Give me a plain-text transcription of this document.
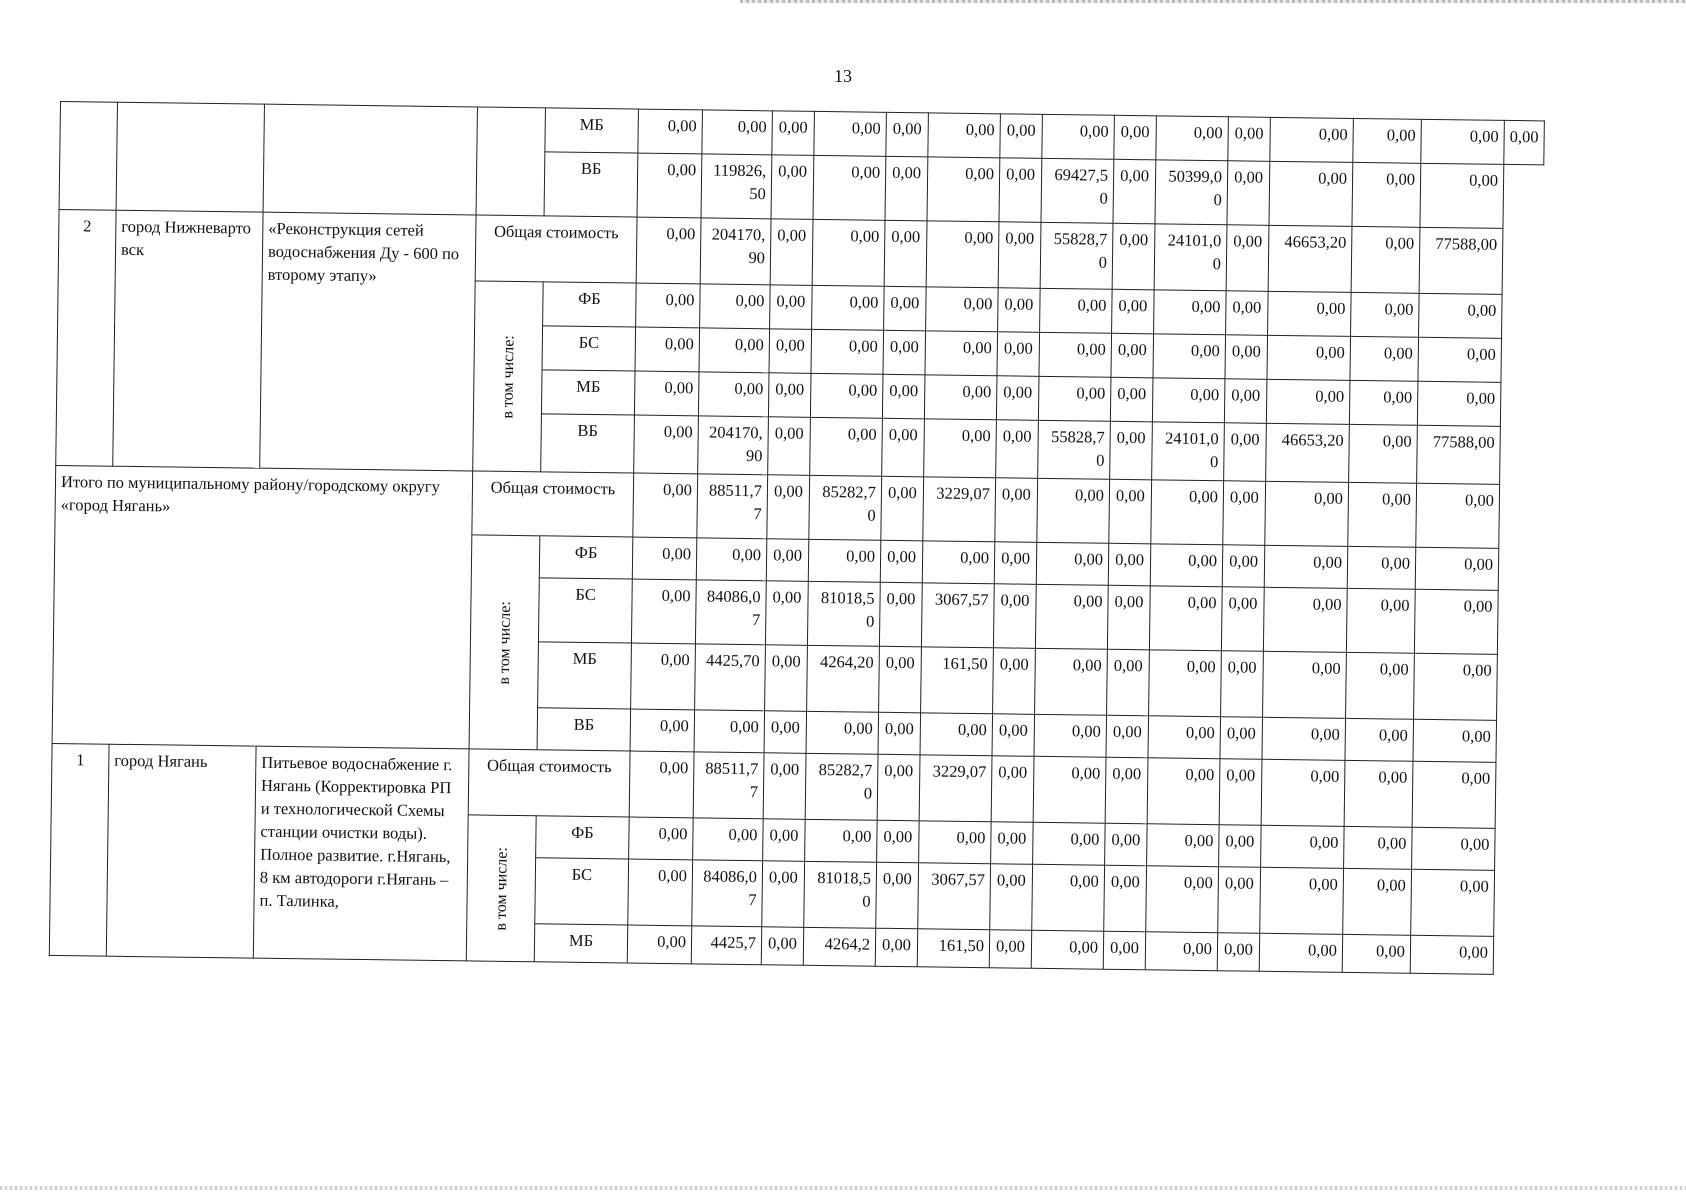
13
				МБ	0,00	0,00	0,00	0,00	0,00	0,00	0,00	0,00	0,00	0,00	0,00	0,00	0,00	0,00	0,00
				ВБ	0,00	119826,50	0,00	0,00	0,00	0,00	0,00	69427,50	0,00	50399,00	0,00	0,00	0,00	0,00	
2	город Нижневартовск	«Реконструкция сетей водоснабжения Ду - 600 по второму этапу»	Общая стоимость		0,00	204170,90	0,00	0,00	0,00	0,00	0,00	55828,70	0,00	24101,00	0,00	46653,20	0,00	77588,00	

			в том числе:	ФБ	0,00	0,00	0,00	0,00	0,00	0,00	0,00	0,00	0,00	0,00	0,00	0,00	0,00	0,00	
				БС	0,00	0,00	0,00	0,00	0,00	0,00	0,00	0,00	0,00	0,00	0,00	0,00	0,00	0,00	
				МБ	0,00	0,00	0,00	0,00	0,00	0,00	0,00	0,00	0,00	0,00	0,00	0,00	0,00	0,00	
				ВБ	0,00	204170,90	0,00	0,00	0,00	0,00	0,00	55828,70	0,00	24101,00	0,00	46653,20	0,00	77588,00	
Итого по муниципальному району/городскому округу «город Нягань»			Общая стоимость		0,00	88511,77	0,00	85282,70	0,00	3229,07	0,00	0,00	0,00	0,00	0,00	0,00	0,00	0,00	

			в том числе:	ФБ	0,00	0,00	0,00	0,00	0,00	0,00	0,00	0,00	0,00	0,00	0,00	0,00	0,00	0,00	
				БС	0,00	84086,07	0,00	81018,50	0,00	3067,57	0,00	0,00	0,00	0,00	0,00	0,00	0,00	0,00	
				МБ	0,00	4425,70	0,00	4264,20	0,00	161,50	0,00	0,00	0,00	0,00	0,00	0,00	0,00	0,00	
				ВБ	0,00	0,00	0,00	0,00	0,00	0,00	0,00	0,00	0,00	0,00	0,00	0,00	0,00	0,00	
1	город Нягань	Питьевое водоснабжение г. Нягань (Корректировка РП и технологической Схемы станции очистки воды). Полное развитие. г.Нягань, 8 км автодороги г.Нягань – п. Талинка,	Общая стоимость		0,00	88511,77	0,00	85282,70	0,00	3229,07	0,00	0,00	0,00	0,00	0,00	0,00	0,00	0,00	

			в том числе:	ФБ	0,00	0,00	0,00	0,00	0,00	0,00	0,00	0,00	0,00	0,00	0,00	0,00	0,00	0,00	
				БС	0,00	84086,07	0,00	81018,50	0,00	3067,57	0,00	0,00	0,00	0,00	0,00	0,00	0,00	0,00	
				МБ	0,00	4425,7	0,00	4264,2	0,00	161,50	0,00	0,00	0,00	0,00	0,00	0,00	0,00	0,00	
